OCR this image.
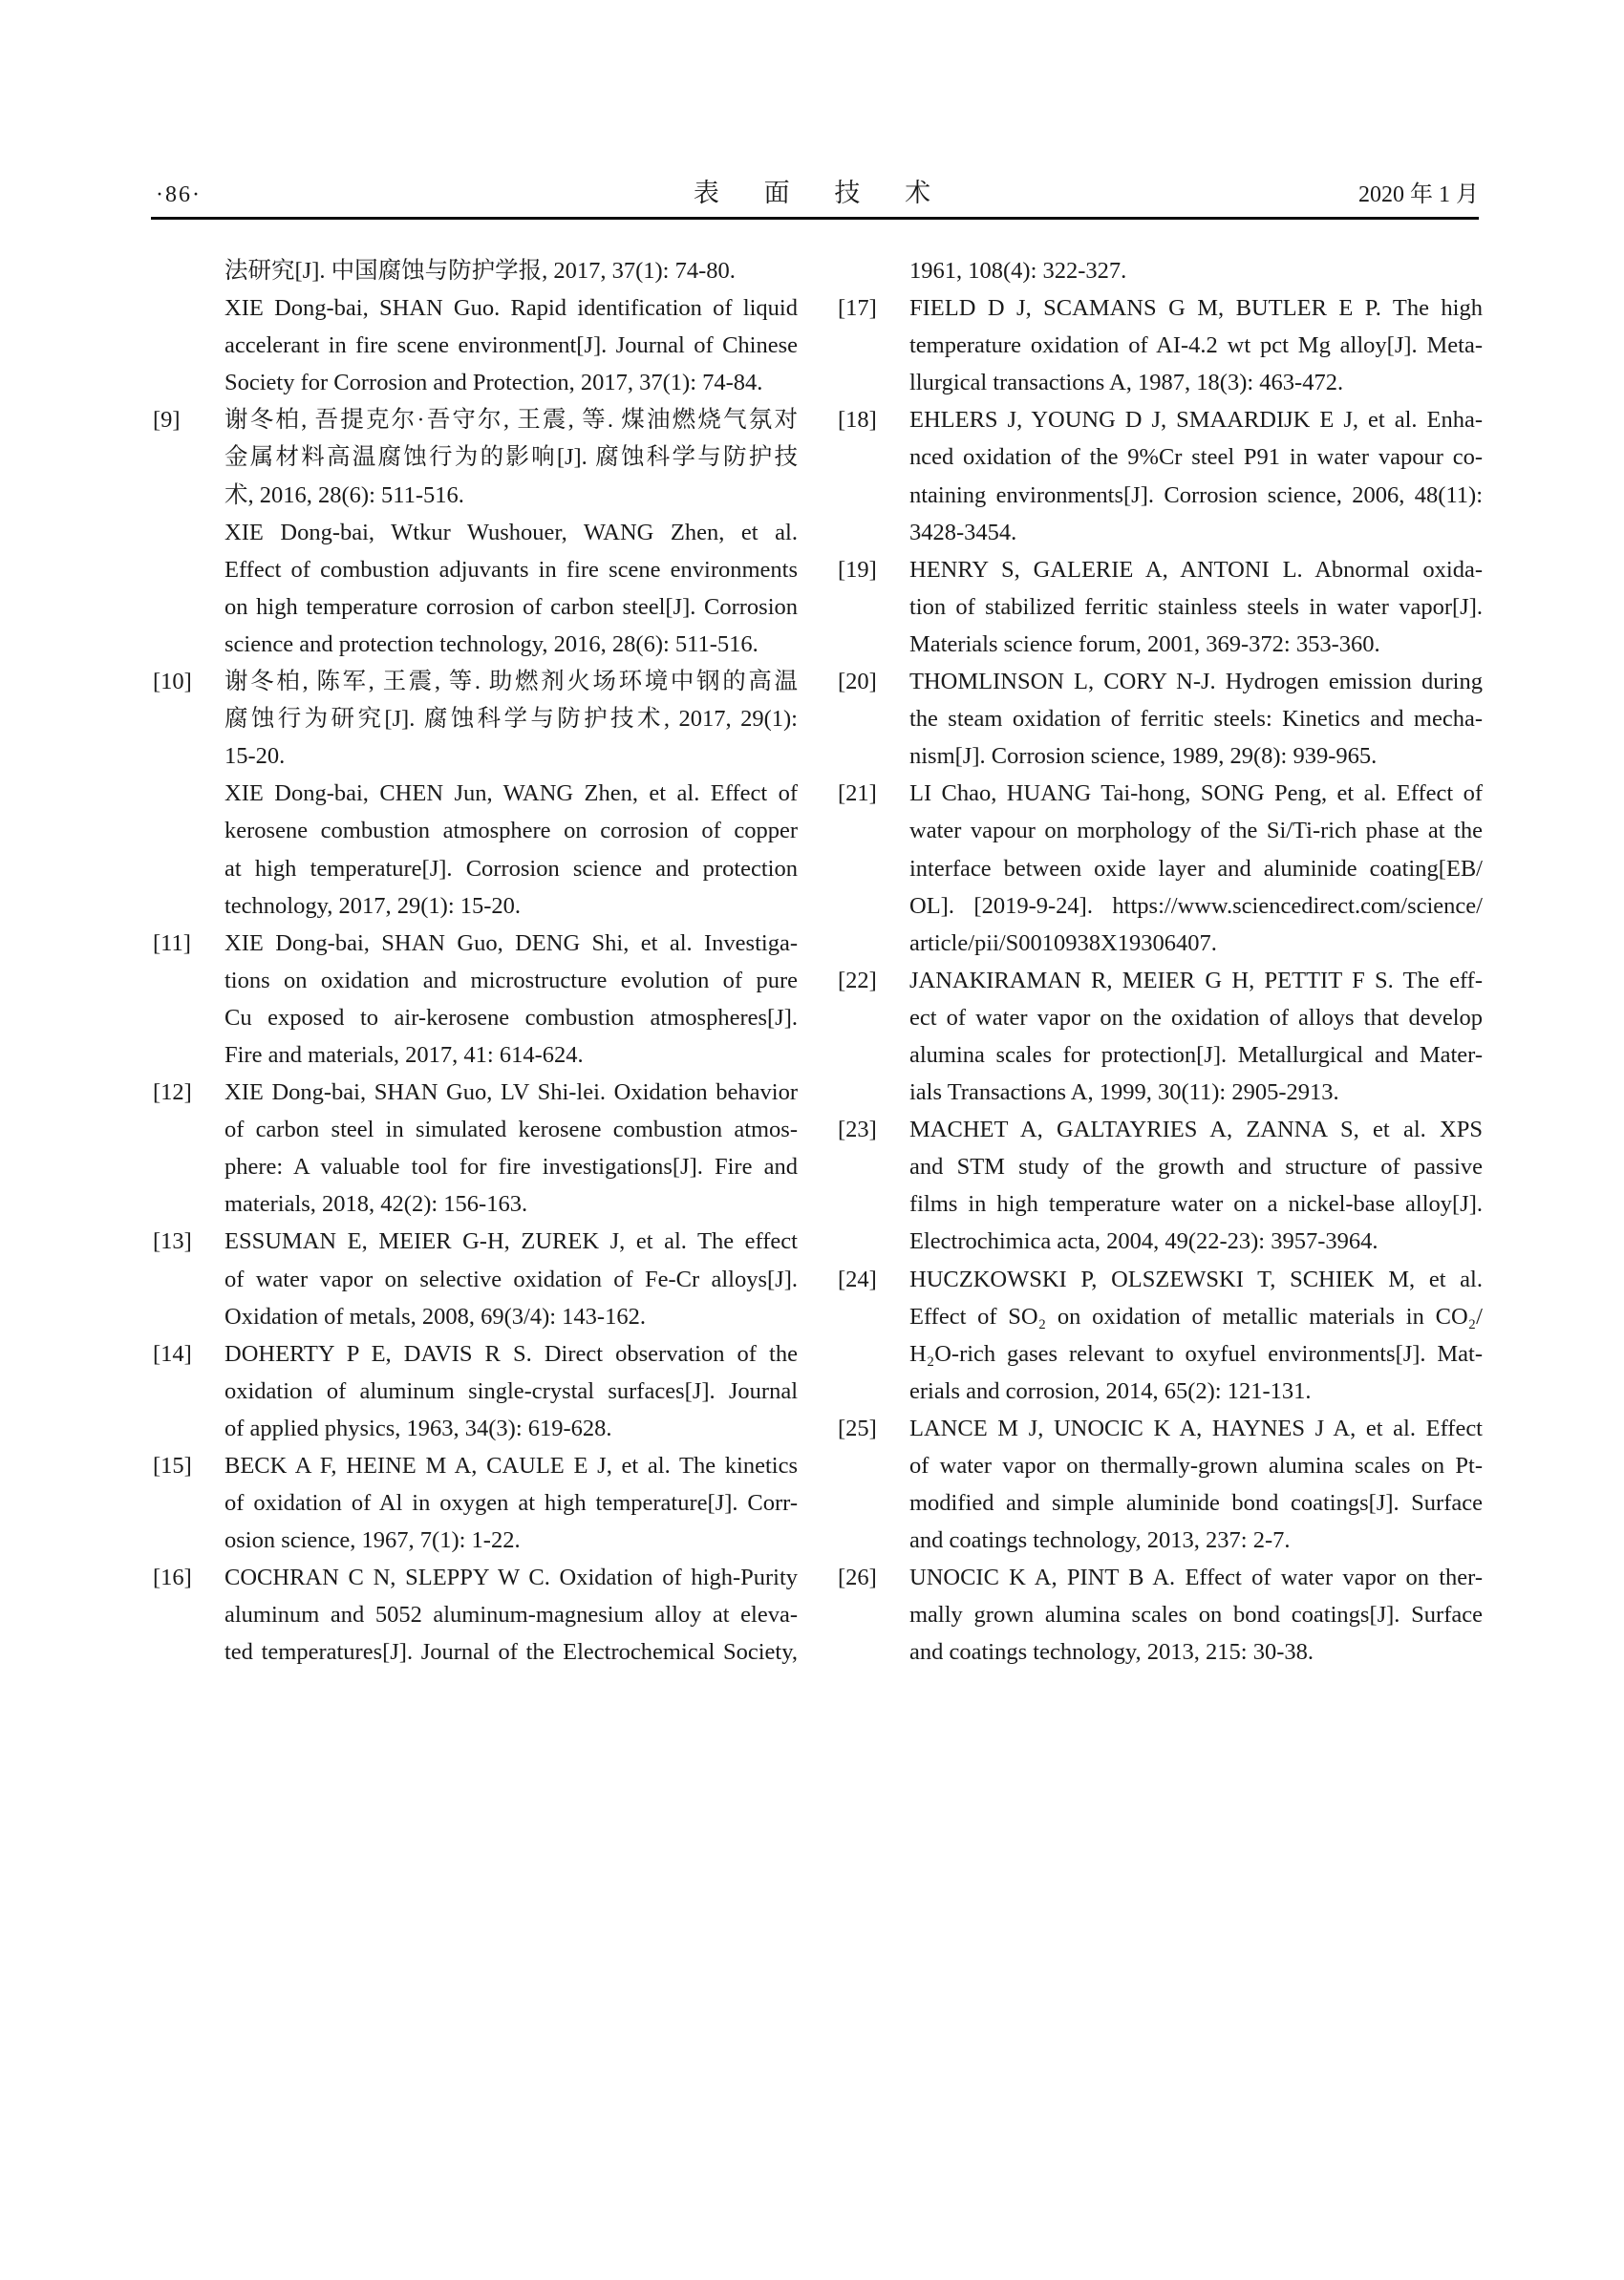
·86·	表 面 技 术	2020 年 1 月
法研究[J]. 中国腐蚀与防护学报, 2017, 37(1): 74-80.
XIE Dong-bai, SHAN Guo. Rapid identification of liquid
accelerant in fire scene environment[J]. Journal of Chinese
Society for Corrosion and Protection, 2017, 37(1): 74-84.
[9] 谢冬柏, 吾提克尔·吾守尔, 王震, 等. 煤油燃烧气氛对
金属材料高温腐蚀行为的影响[J]. 腐蚀科学与防护技
术, 2016, 28(6): 511-516.
XIE Dong-bai, Wtkur Wushouer, WANG Zhen, et al.
Effect of combustion adjuvants in fire scene environments
on high temperature corrosion of carbon steel[J]. Corrosion
science and protection technology, 2016, 28(6): 511-516.
[10] 谢冬柏, 陈军, 王震, 等. 助燃剂火场环境中钢的高温
腐蚀行为研究[J]. 腐蚀科学与防护技术, 2017, 29(1):
15-20.
XIE Dong-bai, CHEN Jun, WANG Zhen, et al. Effect of
kerosene combustion atmosphere on corrosion of copper
at high temperature[J]. Corrosion science and protection
technology, 2017, 29(1): 15-20.
[11] XIE Dong-bai, SHAN Guo, DENG Shi, et al. Investiga-
tions on oxidation and microstructure evolution of pure
Cu exposed to air-kerosene combustion atmospheres[J].
Fire and materials, 2017, 41: 614-624.
[12] XIE Dong-bai, SHAN Guo, LV Shi-lei. Oxidation behavior
of carbon steel in simulated kerosene combustion atmos-
phere: A valuable tool for fire investigations[J]. Fire and
materials, 2018, 42(2): 156-163.
[13] ESSUMAN E, MEIER G-H, ZUREK J, et al. The effect
of water vapor on selective oxidation of Fe-Cr alloys[J].
Oxidation of metals, 2008, 69(3/4): 143-162.
[14] DOHERTY P E, DAVIS R S. Direct observation of the
oxidation of aluminum single-crystal surfaces[J]. Journal
of applied physics, 1963, 34(3): 619-628.
[15] BECK A F, HEINE M A, CAULE E J, et al. The kinetics
of oxidation of Al in oxygen at high temperature[J]. Corr-
osion science, 1967, 7(1): 1-22.
[16] COCHRAN C N, SLEPPY W C. Oxidation of high-Purity
aluminum and 5052 aluminum-magnesium alloy at eleva-
ted temperatures[J]. Journal of the Electrochemical Society,
1961, 108(4): 322-327.
[17] FIELD D J, SCAMANS G M, BUTLER E P. The high
temperature oxidation of AI-4.2 wt pct Mg alloy[J]. Meta-
llurgical transactions A, 1987, 18(3): 463-472.
[18] EHLERS J, YOUNG D J, SMAARDIJK E J, et al. Enha-
nced oxidation of the 9%Cr steel P91 in water vapour co-
ntaining environments[J]. Corrosion science, 2006, 48(11):
3428-3454.
[19] HENRY S, GALERIE A, ANTONI L. Abnormal oxida-
tion of stabilized ferritic stainless steels in water vapor[J].
Materials science forum, 2001, 369-372: 353-360.
[20] THOMLINSON L, CORY N-J. Hydrogen emission during
the steam oxidation of ferritic steels: Kinetics and mecha-
nism[J]. Corrosion science, 1989, 29(8): 939-965.
[21] LI Chao, HUANG Tai-hong, SONG Peng, et al. Effect of
water vapour on morphology of the Si/Ti-rich phase at the
interface between oxide layer and aluminide coating[EB/
OL]. [2019-9-24]. https://www.sciencedirect.com/science/
article/pii/S0010938X19306407.
[22] JANAKIRAMAN R, MEIER G H, PETTIT F S. The eff-
ect of water vapor on the oxidation of alloys that develop
alumina scales for protection[J]. Metallurgical and Mater-
ials Transactions A, 1999, 30(11): 2905-2913.
[23] MACHET A, GALTAYRIES A, ZANNA S, et al. XPS
and STM study of the growth and structure of passive
films in high temperature water on a nickel-base alloy[J].
Electrochimica acta, 2004, 49(22-23): 3957-3964.
[24] HUCZKOWSKI P, OLSZEWSKI T, SCHIEK M, et al.
Effect of SO₂ on oxidation of metallic materials in CO₂/
H₂O-rich gases relevant to oxyfuel environments[J]. Mat-
erials and corrosion, 2014, 65(2): 121-131.
[25] LANCE M J, UNOCIC K A, HAYNES J A, et al. Effect
of water vapor on thermally-grown alumina scales on Pt-
modified and simple aluminide bond coatings[J]. Surface
and coatings technology, 2013, 237: 2-7.
[26] UNOCIC K A, PINT B A. Effect of water vapor on ther-
mally grown alumina scales on bond coatings[J]. Surface
and coatings technology, 2013, 215: 30-38.
